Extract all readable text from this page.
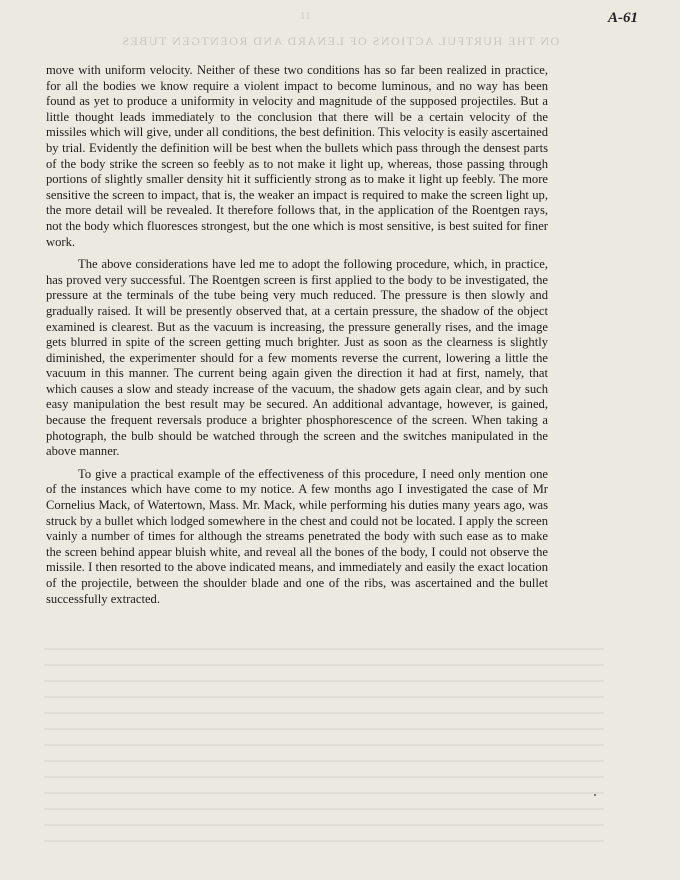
ON THE HURTFUL ACTIONS OF LENARD AND ROENTGEN TUBES
11	A-61

move with uniform velocity. Neither of these two conditions has so far been realized in practice, for all the bodies we know require a violent impact to become luminous, and no way has been found as yet to produce a uniformity in velocity and magnitude of the supposed projectiles. But a little thought leads immediately to the conclusion that there will be a certain velocity of the missiles which will give, under all conditions, the best definition. This velocity is easily ascertained by trial. Evidently the definition will be best when the bullets which pass through the densest parts of the body strike the screen so feebly as to not make it light up, whereas, those passing through portions of slightly smaller density hit it sufficiently strong as to make it light up feebly. The more sensitive the screen to impact, that is, the weaker an impact is required to make the screen light up, the more detail will be revealed. It therefore follows that, in the application of the Roentgen rays, not the body which fluoresces strongest, but the one which is most sensitive, is best suited for finer work.

The above considerations have led me to adopt the following procedure, which, in practice, has proved very successful. The Roentgen screen is first applied to the body to be investigated, the pressure at the terminals of the tube being very much reduced. The pressure is then slowly and gradually raised. It will be presently observed that, at a certain pressure, the shadow of the object examined is clearest. But as the vacuum is increasing, the pressure generally rises, and the image gets blurred in spite of the screen getting much brighter. Just as soon as the clearness is slightly diminished, the experimenter should for a few moments reverse the current, lowering a little the vacuum in this manner. The current being again given the direction it had at first, namely, that which causes a slow and steady increase of the vacuum, the shadow gets again clear, and by such easy manipulation the best result may be secured. An additional advantage, however, is gained, because the frequent reversals produce a brighter phosphorescence of the screen. When taking a photograph, the bulb should be watched through the screen and the switches manipulated in the above manner.

To give a practical example of the effectiveness of this procedure, I need only mention one of the instances which have come to my notice. A few months ago I investigated the case of Mr Cornelius Mack, of Watertown, Mass. Mr. Mack, while performing his duties many years ago, was struck by a bullet which lodged somewhere in the chest and could not be located. I apply the screen vainly a number of times for although the streams penetrated the body with such ease as to make the screen behind appear bluish white, and reveal all the bones of the body, I could not observe the missile. I then resorted to the above indicated means, and immediately and easily the exact location of the projectile, between the shoulder blade and one of the ribs, was ascertained and the bullet successfully extracted.
